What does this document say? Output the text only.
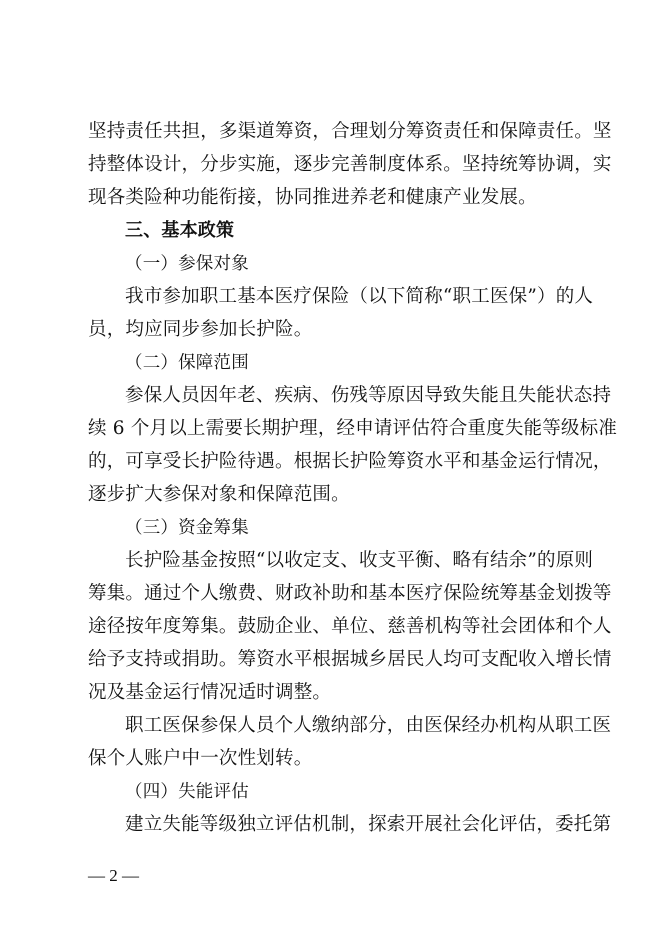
坚持责任共担，多渠道筹资，合理划分筹资责任和保障责任。坚
持整体设计，分步实施，逐步完善制度体系。坚持统筹协调，实
现各类险种功能衔接，协同推进养老和健康产业发展。
三、基本政策
（一）参保对象
我市参加职工基本医疗保险（以下简称“职工医保”）的人
员，均应同步参加长护险。
（二）保障范围
参保人员因年老、疾病、伤残等原因导致失能且失能状态持
续 6 个月以上需要长期护理，经申请评估符合重度失能等级标准
的，可享受长护险待遇。根据长护险筹资水平和基金运行情况，
逐步扩大参保对象和保障范围。
（三）资金筹集
长护险基金按照“以收定支、收支平衡、略有结余”的原则
筹集。通过个人缴费、财政补助和基本医疗保险统筹基金划拨等
途径按年度筹集。鼓励企业、单位、慈善机构等社会团体和个人
给予支持或捐助。筹资水平根据城乡居民人均可支配收入增长情
况及基金运行情况适时调整。
职工医保参保人员个人缴纳部分，由医保经办机构从职工医
保个人账户中一次性划转。
（四）失能评估
建立失能等级独立评估机制，探索开展社会化评估，委托第
— 2 —
